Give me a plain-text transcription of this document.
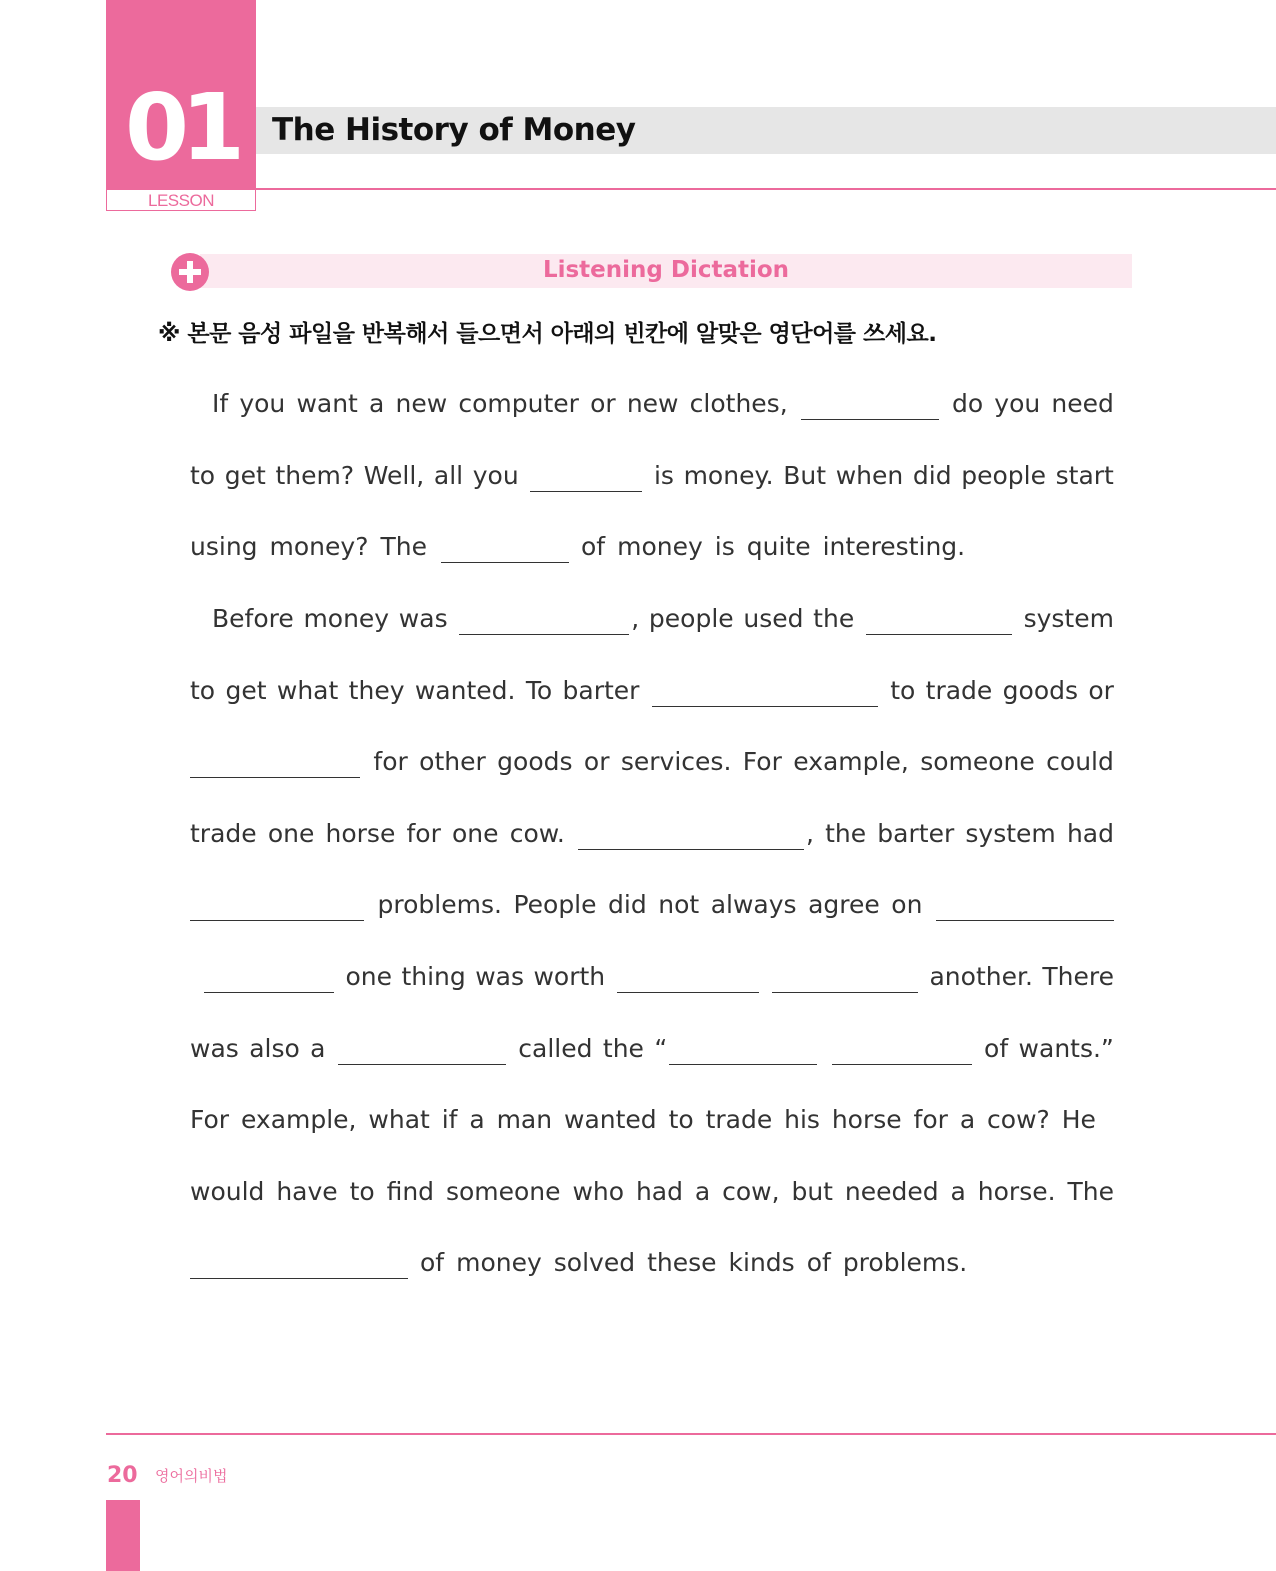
01
LESSON
The History of Money
Listening Dictation
※ 본문 음성 파일을 반복해서 들으면서 아래의 빈칸에 알맞은 영단어를 쓰세요.
If you want a new computer or new clothes,	do you need
to get them? Well, all you	is money. But when did people start
using money? The	of money is quite interesting.
Before money was	, people used the	system
to get what they wanted. To barter	to trade goods or
for other goods or services. For example, someone could
trade one horse for one cow.	, the barter system had
problems. People did not always agree on
one thing was worth	another. There
was also a	called the “	of wants.”
For example, what if a man wanted to trade his horse for a cow? He
would have to find someone who had a cow, but needed a horse. The
of money solved these kinds of problems.
20 영어의비법
